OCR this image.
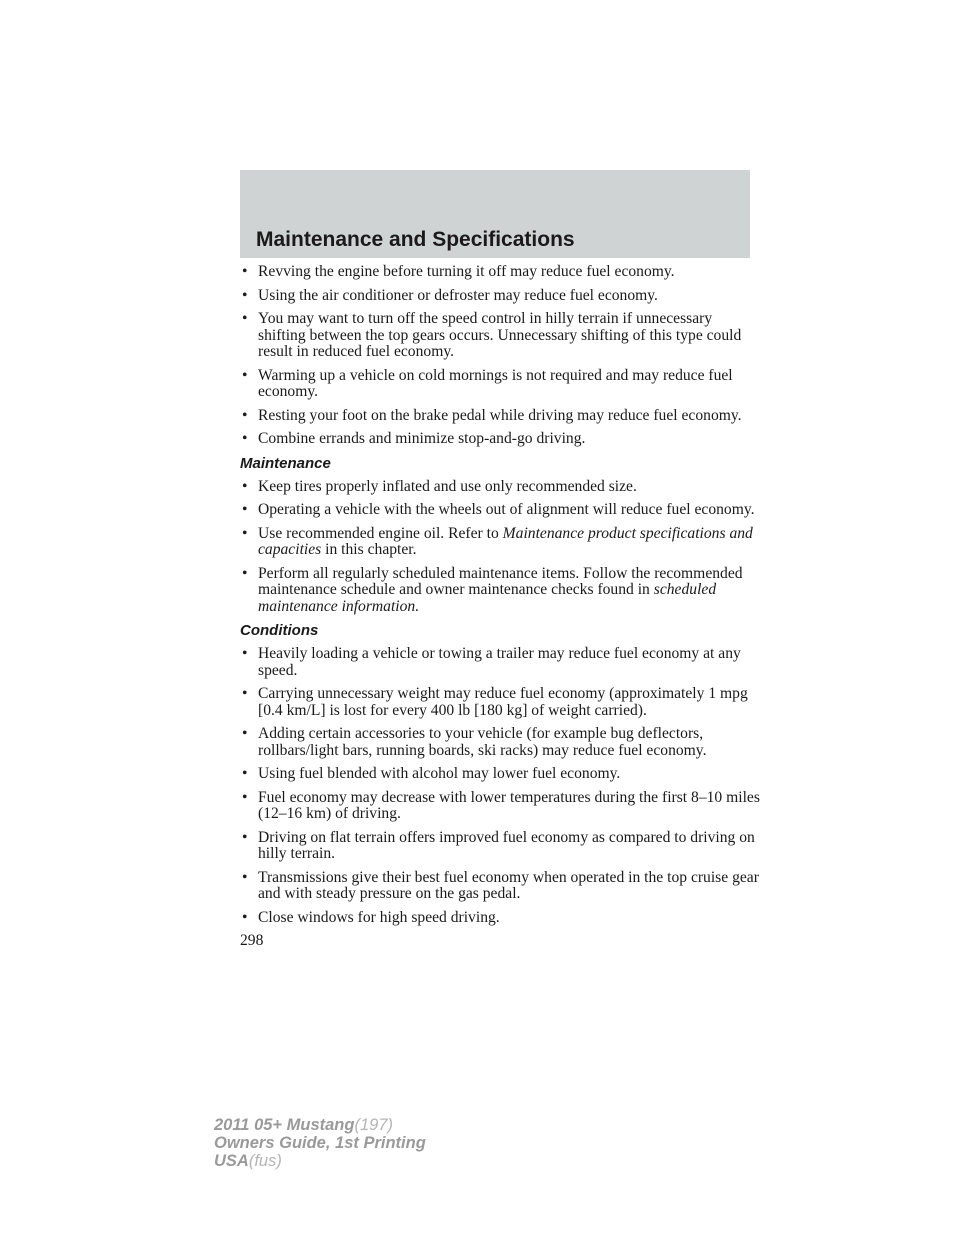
Maintenance and Specifications
• Revving the engine before turning it off may reduce fuel economy.
• Using the air conditioner or defroster may reduce fuel economy.
• You may want to turn off the speed control in hilly terrain if unnecessary shifting between the top gears occurs. Unnecessary shifting of this type could result in reduced fuel economy.
• Warming up a vehicle on cold mornings is not required and may reduce fuel economy.
• Resting your foot on the brake pedal while driving may reduce fuel economy.
• Combine errands and minimize stop-and-go driving.
Maintenance
• Keep tires properly inflated and use only recommended size.
• Operating a vehicle with the wheels out of alignment will reduce fuel economy.
• Use recommended engine oil. Refer to Maintenance product specifications and capacities in this chapter.
• Perform all regularly scheduled maintenance items. Follow the recommended maintenance schedule and owner maintenance checks found in scheduled maintenance information.
Conditions
• Heavily loading a vehicle or towing a trailer may reduce fuel economy at any speed.
• Carrying unnecessary weight may reduce fuel economy (approximately 1 mpg [0.4 km/L] is lost for every 400 lb [180 kg] of weight carried).
• Adding certain accessories to your vehicle (for example bug deflectors, rollbars/light bars, running boards, ski racks) may reduce fuel economy.
• Using fuel blended with alcohol may lower fuel economy.
• Fuel economy may decrease with lower temperatures during the first 8–10 miles (12–16 km) of driving.
• Driving on flat terrain offers improved fuel economy as compared to driving on hilly terrain.
• Transmissions give their best fuel economy when operated in the top cruise gear and with steady pressure on the gas pedal.
• Close windows for high speed driving.
298
2011 05+ Mustang(197)
Owners Guide, 1st Printing
USA(fus)
